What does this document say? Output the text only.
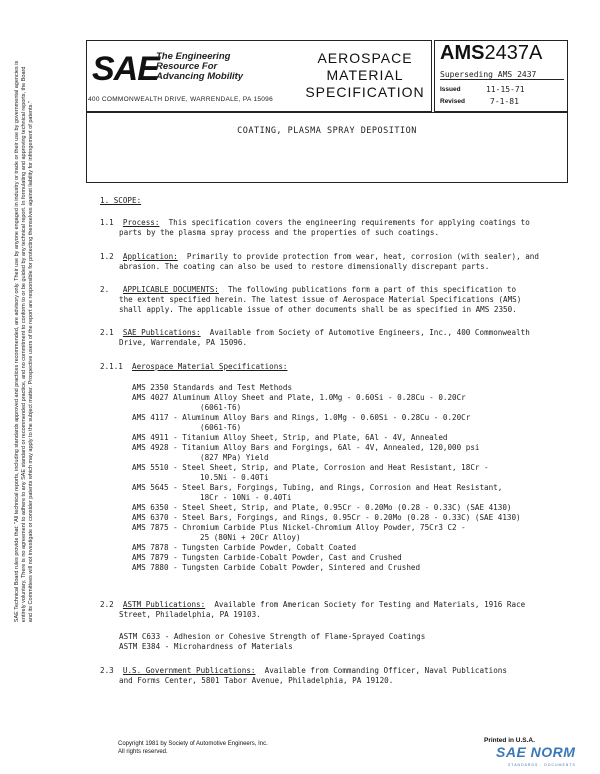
SAE
The Engineering
Resource For
Advancing Mobility
400 COMMONWEALTH DRIVE, WARRENDALE, PA 15096
AEROSPACE
MATERIAL
SPECIFICATION
AMS2437A
Superseding AMS 2437
Issued	11-15-71
Revised	7-1-81
COATING, PLASMA SPRAY DEPOSITION
SAE Technical Board rules provide that: "All technical reports, including standards approved and practices recommended, are advisory only. Their use by anyone engaged in industry or trade or their use by governmental agencies is entirely voluntary. There is no agreement to adhere to any SAE standard or recommended practice, and no commitment to conform to or be guided by any technical report. In formulating and approving technical reports, the Board and its Committees will not investigate or consider patents which may apply to the subject matter. Prospective users of the report are responsible for protecting themselves against liability for infringement of patents."	1. SCOPE:
1.1 Process: This specification covers the engineering requirements for applying coatings to
parts by the plasma spray process and the properties of such coatings.
1.2 Application: Primarily to provide protection from wear, heat, corrosion (with sealer), and
abrasion. The coating can also be used to restore dimensionally discrepant parts.
2. APPLICABLE DOCUMENTS: The following publications form a part of this specification to
the extent specified herein. The latest issue of Aerospace Material Specifications (AMS)
shall apply. The applicable issue of other documents shall be as specified in AMS 2350.
2.1 SAE Publications: Available from Society of Automotive Engineers, Inc., 400 Commonwealth
Drive, Warrendale, PA 15096.
2.1.1 Aerospace Material Specifications:
AMS 2350 Standards and Test Methods
AMS 4027 Aluminum Alloy Sheet and Plate, 1.0Mg - 0.60Si - 0.28Cu - 0.20Cr
(6061-T6)
AMS 4117 - Aluminum Alloy Bars and Rings, 1.0Mg - 0.60Si - 0.28Cu - 0.20Cr
(6061-T6)
AMS 4911 - Titanium Alloy Sheet, Strip, and Plate, 6Al - 4V, Annealed
AMS 4928 - Titanium Alloy Bars and Forgings, 6Al - 4V, Annealed, 120,000 psi
(827 MPa) Yield
AMS 5510 - Steel Sheet, Strip, and Plate, Corrosion and Heat Resistant, 18Cr -
10.5Ni - 0.40Ti
AMS 5645 - Steel Bars, Forgings, Tubing, and Rings, Corrosion and Heat Resistant,
18Cr - 10Ni - 0.40Ti
AMS 6350 - Steel Sheet, Strip, and Plate, 0.95Cr - 0.20Mo (0.28 - 0.33C) (SAE 4130)
AMS 6370 - Steel Bars, Forgings, and Rings, 0.95Cr - 0.20Mo (0.28 - 0.33C) (SAE 4130)
AMS 7875 - Chromium Carbide Plus Nickel-Chromium Alloy Powder, 75Cr3 C2 -
25 (80Ni + 20Cr Alloy)
AMS 7878 - Tungsten Carbide Powder, Cobalt Coated
AMS 7879 - Tungsten Carbide-Cobalt Powder, Cast and Crushed
AMS 7880 - Tungsten Carbide Cobalt Powder, Sintered and Crushed
2.2 ASTM Publications: Available from American Society for Testing and Materials, 1916 Race
Street, Philadelphia, PA 19103.
ASTM C633 - Adhesion or Cohesive Strength of Flame-Sprayed Coatings
ASTM E384 - Microhardness of Materials
2.3 U.S. Government Publications: Available from Commanding Officer, Naval Publications
and Forms Center, 5801 Tabor Avenue, Philadelphia, PA 19120.
Copyright 1981 by Society of Automotive Engineers, Inc.
All rights reserved.
Printed in U.S.A.
SAE NORM
STANDARDS . DOCUMENTS
